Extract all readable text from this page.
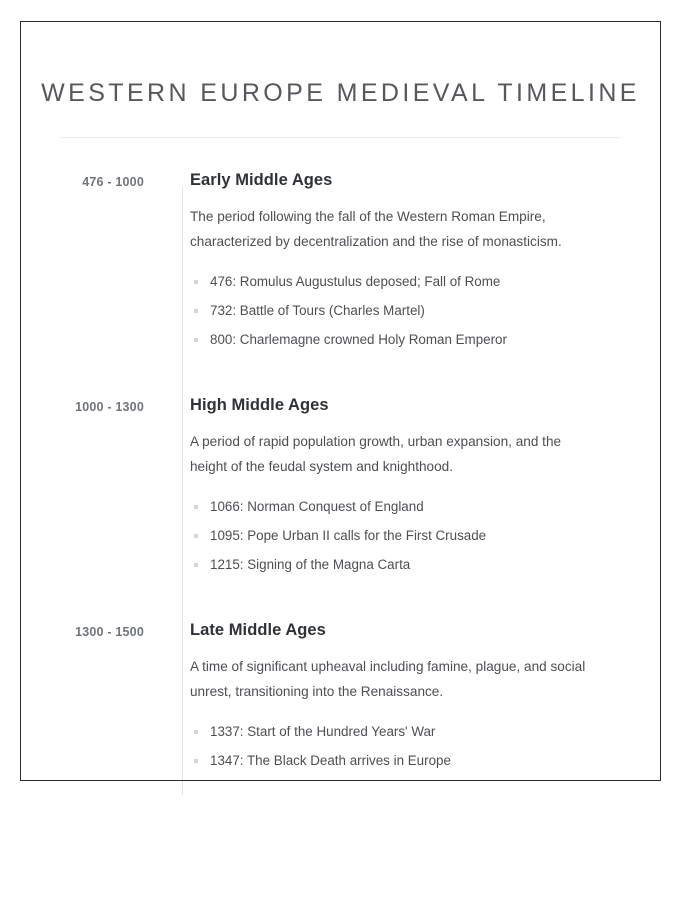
WESTERN EUROPE MEDIEVAL TIMELINE
476 - 1000	Early Middle Ages

The period following the fall of the Western Roman Empire, characterized by decentralization and the rise of monasticism.

476: Romulus Augustulus deposed; Fall of Rome
732: Battle of Tours (Charles Martel)
800: Charlemagne crowned Holy Roman Emperor
1000 - 1300	High Middle Ages

A period of rapid population growth, urban expansion, and the height of the feudal system and knighthood.

1066: Norman Conquest of England
1095: Pope Urban II calls for the First Crusade
1215: Signing of the Magna Carta
1300 - 1500	Late Middle Ages

A time of significant upheaval including famine, plague, and social unrest, transitioning into the Renaissance.

1337: Start of the Hundred Years' War
1347: The Black Death arrives in Europe
